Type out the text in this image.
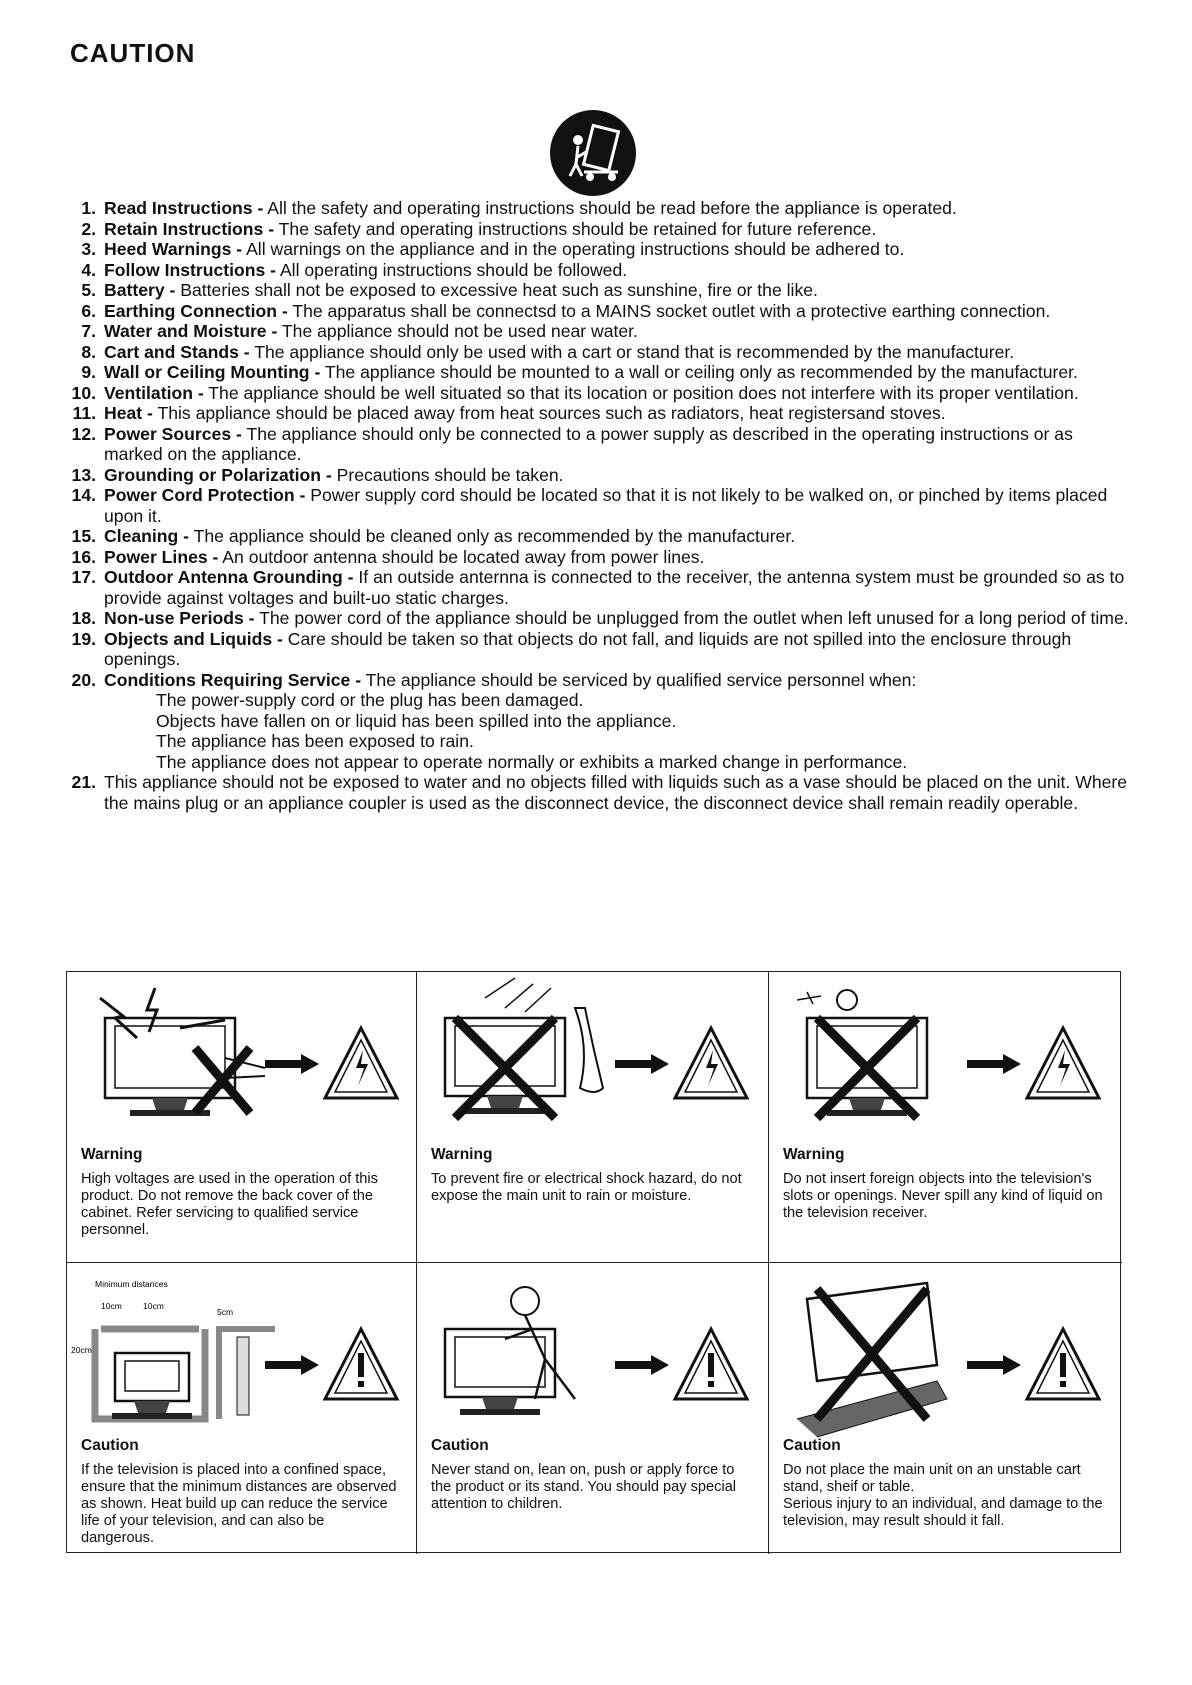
CAUTION
1. Read Instructions - All the safety and operating instructions should be read before the appliance is operated.
2. Retain Instructions - The safety and operating instructions should be retained for future reference.
3. Heed Warnings - All warnings on the appliance and in the operating instructions should be adhered to.
4. Follow Instructions - All operating instructions should be followed.
5. Battery - Batteries shall not be exposed to excessive heat such as sunshine, fire or the like.
6. Earthing Connection - The apparatus shall be connectsd to a MAINS socket outlet with a protective earthing connection.
7. Water and Moisture - The appliance should not be used near water.
8. Cart and Stands - The appliance should only be used with a cart or stand that is recommended by the manufacturer.
9. Wall or Ceiling Mounting - The appliance should be mounted to a wall or ceiling only as recommended by the manufacturer.
10. Ventilation - The appliance should be well situated so that its location or position does not interfere with its proper ventilation.
11. Heat - This appliance should be placed away from heat sources such as radiators, heat registersand stoves.
12. Power Sources - The appliance should only be connected to a power supply as described in the operating instructions or as marked on the appliance.
13. Grounding or Polarization - Precautions should be taken.
14. Power Cord Protection - Power supply cord should be located so that it is not likely to be walked on, or pinched by items placed upon it.
15. Cleaning - The appliance should be cleaned only as recommended by the manufacturer.
16. Power Lines - An outdoor antenna should be located away from power lines.
17. Outdoor Antenna Grounding - If an outside anternna is connected to the receiver, the antenna system must be grounded so as to provide against voltages and built-uo static charges.
18. Non-use Periods - The power cord of the appliance should be unplugged from the outlet when left unused for a long period of time.
19. Objects and Liquids - Care should be taken so that objects do not fall, and liquids are not spilled into the enclosure through openings.
20. Conditions Requiring Service - The appliance should be serviced by qualified service personnel when:
The power-supply cord or the plug has been damaged.
Objects have fallen on or liquid has been spilled into the appliance.
The appliance has been exposed to rain.
The appliance does not appear to operate normally or exhibits a marked change in performance.
21. This appliance should not be exposed to water and no objects filled with liquids such as a vase should be placed on the unit. Where the mains plug or an appliance coupler is used as the disconnect device, the disconnect device shall remain readily operable.
Warning

High voltages are used in the operation of this product. Do not remove the back cover of the cabinet. Refer servicing to qualified service personnel.

Warning

To prevent fire or electrical shock hazard, do not expose the main unit to rain or moisture.

Warning

Do not insert foreign objects into the television's slots or openings. Never spill any kind of liquid on the television receiver.

Minimum distances
10cm 10cm
5cm
20cm
Caution

If the television is placed into a confined space, ensure that the minimum distances are observed as shown. Heat build up can reduce the service life of your television, and can also be dangerous.

Caution

Never stand on, lean on, push or apply force to the product or its stand. You should pay special attention to children.

Caution

Do not place the main unit on an unstable cart stand, sheif or table.
Serious injury to an individual, and damage to the television, may result should it fall.
